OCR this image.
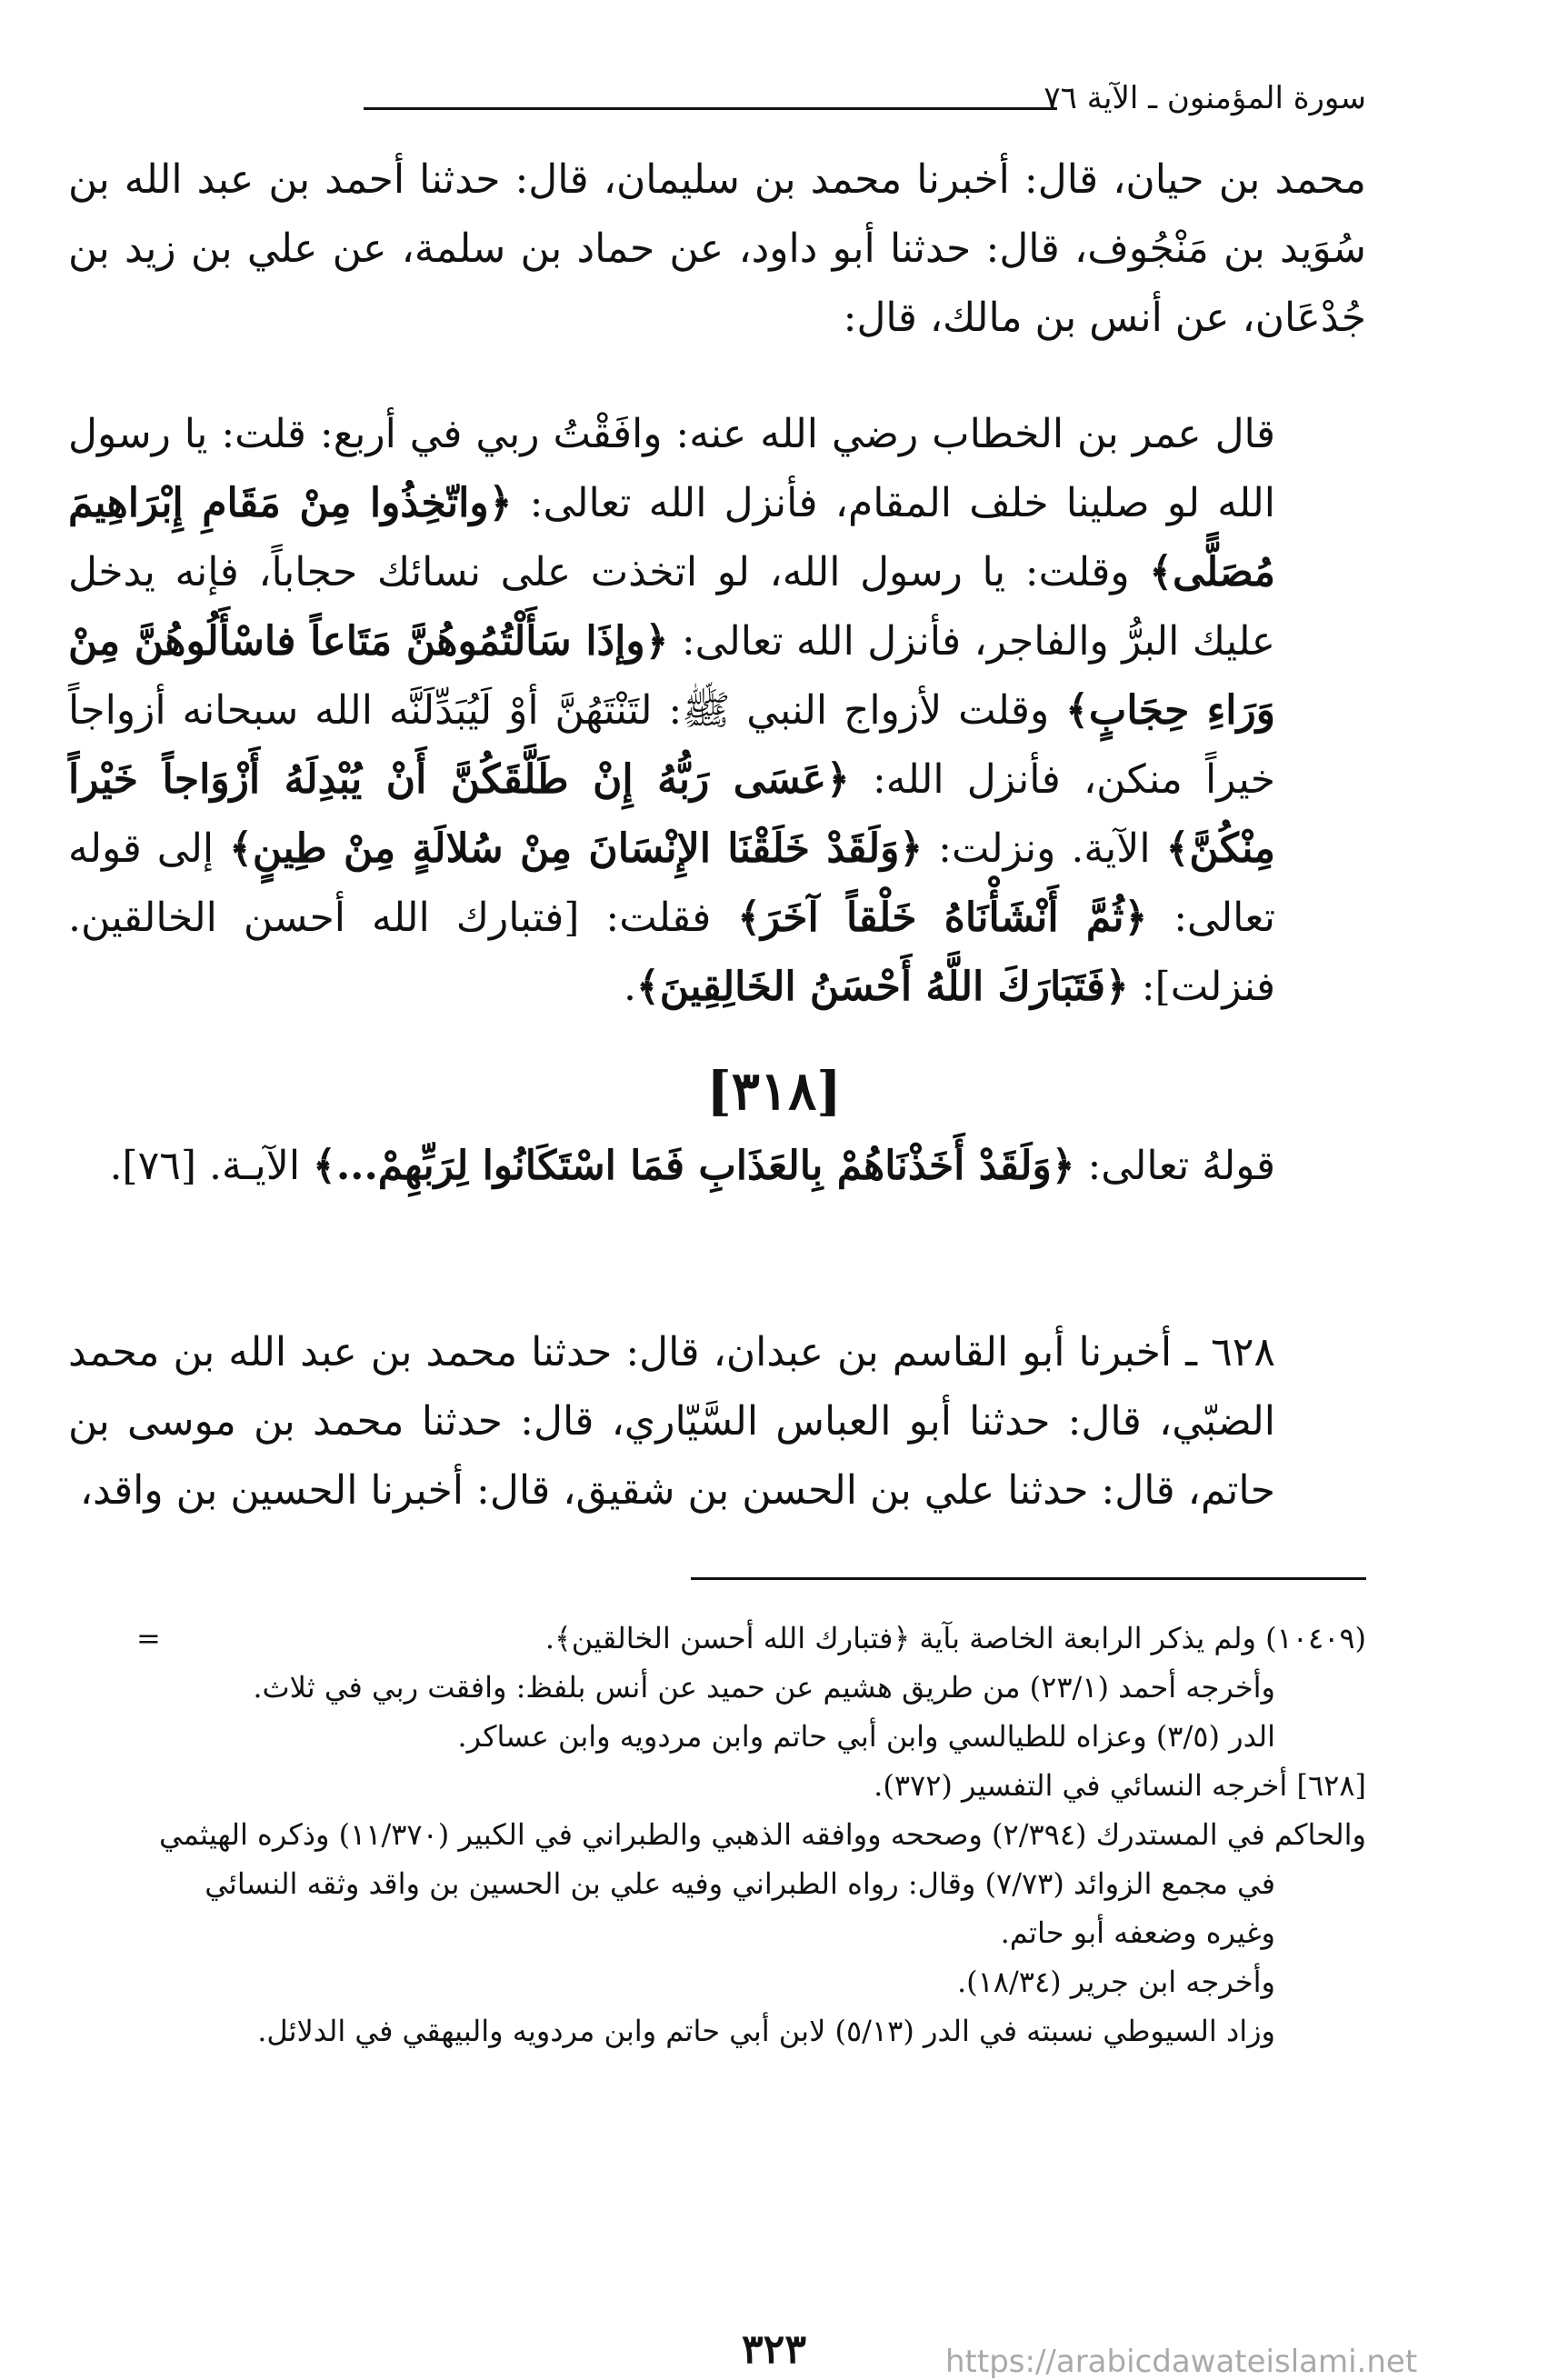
سورة المؤمنون ـ الآية ٧٦

محمد بن حيان، قال: أخبرنا محمد بن سليمان، قال: حدثنا أحمد بن عبد الله بن سُوَيد بن مَنْجُوف، قال: حدثنا أبو داود، عن حماد بن سلمة، عن علي بن زيد بن جُدْعَان، عن أنس بن مالك، قال:

قال عمر بن الخطاب رضي الله عنه: وافَقْتُ ربي في أربع: قلت: يا رسول الله لو صلينا خلف المقام، فأنزل الله تعالى: ﴿واتّخِذُوا مِنْ مَقَامِ إِبْرَاهِيمَ مُصَلًّى﴾ وقلت: يا رسول الله، لو اتخذت على نسائك حجاباً، فإنه يدخل عليك البرُّ والفاجر، فأنزل الله تعالى: ﴿وإذَا سَأَلْتُمُوهُنَّ مَتَاعاً فاسْأَلُوهُنَّ مِنْ وَرَاءِ حِجَابٍ﴾ وقلت لأزواج النبي ﷺ: لتَنْتَهُنَّ أوْ لَيُبَدِّلَنَّه الله سبحانه أزواجاً خيراً منكن، فأنزل الله: ﴿عَسَى رَبُّهُ إِنْ طَلَّقَكُنَّ أَنْ يُبْدِلَهُ أَزْوَاجاً خَيْراً مِنْكُنَّ﴾ الآية. ونزلت: ﴿وَلَقَدْ خَلَقْنَا الإِنْسَانَ مِنْ سُلالَةٍ مِنْ طِينٍ﴾ إلى قوله تعالى: ﴿ثُمَّ أَنْشَأْنَاهُ خَلْقاً آخَرَ﴾ فقلت: [فتبارك الله أحسن الخالقين. فنزلت]: ﴿فَتَبَارَكَ اللَّهُ أَحْسَنُ الخَالِقِينَ﴾.

[٣١٨]

قولهُ تعالى: ﴿وَلَقَدْ أَخَذْنَاهُمْ بِالعَذَابِ فَمَا اسْتَكَانُوا لِرَبِّهِمْ...﴾ الآيـة. [٧٦].

٦٢٨ ـ أخبرنا أبو القاسم بن عبدان، قال: حدثنا محمد بن عبد الله بن محمد الضبّي، قال: حدثنا أبو العباس السَّيّاري، قال: حدثنا محمد بن موسى بن حاتم، قال: حدثنا علي بن الحسن بن شقيق، قال: أخبرنا الحسين بن واقد،

(١٠٤٠٩) ولم يذكر الرابعة الخاصة بآية ﴿فتبارك الله أحسن الخالقين﴾.
=

وأخرجه أحمد (٢٣/١) من طريق هشيم عن حميد عن أنس بلفظ: وافقت ربي في ثلاث.

الدر (٣/٥) وعزاه للطيالسي وابن أبي حاتم وابن مردويه وابن عساكر.

[٦٢٨] أخرجه النسائي في التفسير (٣٧٢).

والحاكم في المستدرك (٢/٣٩٤) وصححه ووافقه الذهبي والطبراني في الكبير (١١/٣٧٠) وذكره الهيثمي في مجمع الزوائد (٧/٧٣) وقال: رواه الطبراني وفيه علي بن الحسين بن واقد وثقه النسائي وغيره وضعفه أبو حاتم.

وأخرجه ابن جرير (١٨/٣٤).

وزاد السيوطي نسبته في الدر (٥/١٣) لابن أبي حاتم وابن مردويه والبيهقي في الدلائل.

٣٢٣	https://arabicdawateislami.net
